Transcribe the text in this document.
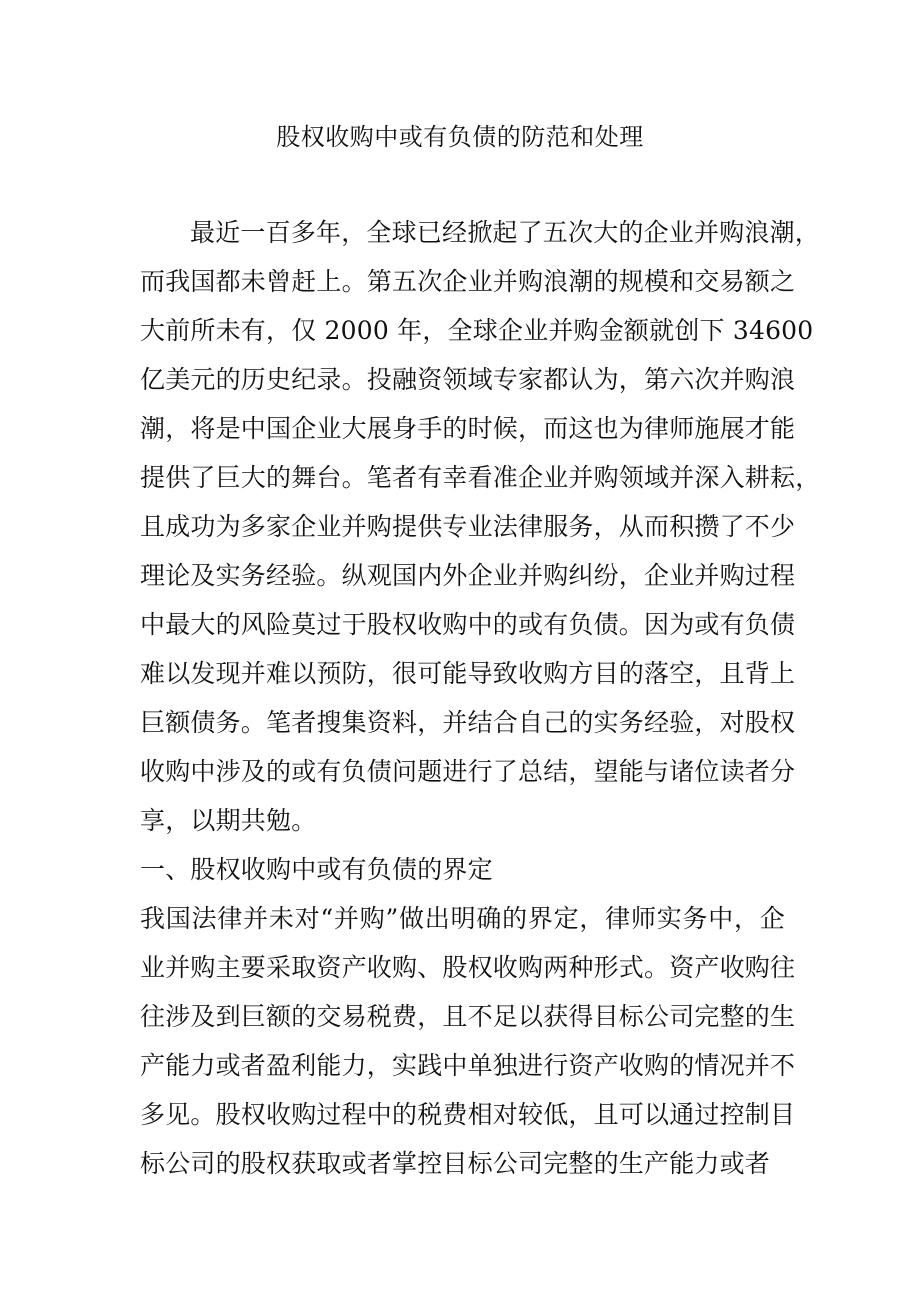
股权收购中或有负债的防范和处理
最近一百多年，全球已经掀起了五次大的企业并购浪潮，
而我国都未曾赶上。第五次企业并购浪潮的规模和交易额之
大前所未有，仅 2000 年，全球企业并购金额就创下 34600
亿美元的历史纪录。投融资领域专家都认为，第六次并购浪
潮，将是中国企业大展身手的时候，而这也为律师施展才能
提供了巨大的舞台。笔者有幸看准企业并购领域并深入耕耘，
且成功为多家企业并购提供专业法律服务，从而积攒了不少
理论及实务经验。纵观国内外企业并购纠纷，企业并购过程
中最大的风险莫过于股权收购中的或有负债。因为或有负债
难以发现并难以预防，很可能导致收购方目的落空，且背上
巨额债务。笔者搜集资料，并结合自己的实务经验，对股权
收购中涉及的或有负债问题进行了总结，望能与诸位读者分
享，以期共勉。
一、股权收购中或有负债的界定
我国法律并未对“并购”做出明确的界定，律师实务中，企
业并购主要采取资产收购、股权收购两种形式。资产收购往
往涉及到巨额的交易税费，且不足以获得目标公司完整的生
产能力或者盈利能力，实践中单独进行资产收购的情况并不
多见。股权收购过程中的税费相对较低，且可以通过控制目
标公司的股权获取或者掌控目标公司完整的生产能力或者
